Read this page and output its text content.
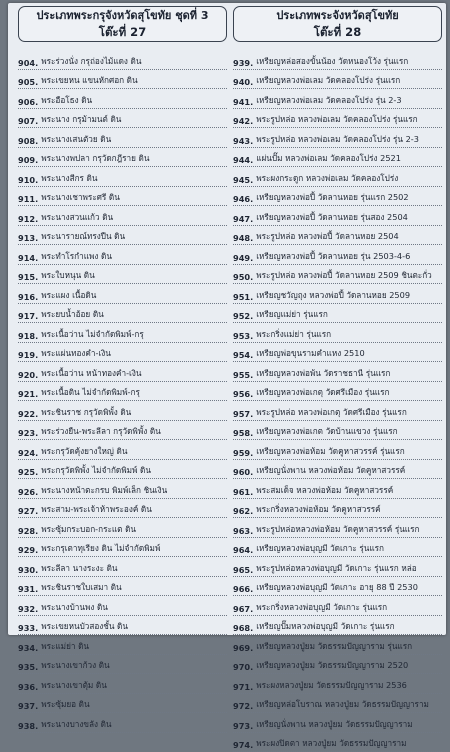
ประเภทพระกรุจังหวัดสุโขทัย ชุดที่ 3
โต๊ะที่ 27
904. พระร่วงนั่ง กรุถ่องไม้แดง ดิน
905. พระเขยหน แขนหักศอก ดิน
906. พระอือโธง ดิน
907. พระนาง กรุม้ามนต์ ดิน
908. พระนางเสนตัวย ดิน
909. พระนางพปลา กรุวัดกฎีราย ดิน
910. พระนางสีกร ดิน
911. พระนางเชาพระศรี ดิน
912. พระนางสวนแก้ว ดิน
913. พระนารายณ์ทรงปืน ดิน
914. พระทำโรกำแพง ดิน
915. พระใบหนุน ดิน
916. พระแผง เนื้อดิน
917. พระยบน้ำอ้อย ดิน
918. พระเนื้อว่าน ไม่จำกัดพิมพ์-กรุ
919. พระแผ่นทองคำ-เงิน
920. พระเนื้อว่าน หน้าทองคำ-เงิน
921. พระเนื้อดิน ไม่จำกัดพิมพ์-กรุ
922. พระชินราช กรุวัดพิพั้ง ดิน
923. พระร่วงยืน-พระลีลา กรุวัดพิพั้ง ดิน
924. พระกรุวัดคุ้งยางใหญ่ ดิน
925. พระกรุวัดพิพั้ง ไม่จำกัดพิมพ์ ดิน
926. พระนางหน้าตะกรบ พิมพ์เล็ก ชินเงิน
927. พระสาม-พระเจ้าห้าพระองค์ ดิน
928. พระซุ้มกระบอก-กระแต ดิน
929. พระกรุเตาทุเรียง ดิน ไม่จำกัดพิมพ์
930. พระลีลา นางระงะ ดิน
931. พระชินราชใบเสมา ดิน
932. พระนางบ้านพง ดิน
933. พระเขยหนบัวสองชั้น ดิน
934. พระแม่ย่า ดิน
935. พระนางเขาก้วง ดิน
936. พระนางเขาตุ้ม ดิน
937. พระซุ้มยอ ดิน
938. พระนางบางขลัง ดิน
ประเภทพระจังหวัดสุโขทัย
โต๊ะที่ 28
939. เหรียญหล่อสองขั้นน้อง วัดหนองโว้ง รุ่นแรก
940. เหรียญหลวงพ่อเลม วัดคลองโปร่ง รุ่นแรก
941. เหรียญหลวงพ่อเลม วัดคลองโปร่ง รุ่น 2-3
942. พระรูปหล่อ หลวงพ่อเลม วัดคลองโปร่ง รุ่นแรก
943. พระรูปหล่อ หลวงพ่อเลม วัดคลองโปร่ง รุ่น 2-3
944. แผ่นปั๊ม หลวงพ่อเลม วัดคลองโปร่ง 2521
945. พระผงกระดูก หลวงพ่อเลม วัดคลองโปร่ง
946. เหรียญหลวงพ่อปี้ วัดลานหอย รุ่นแรก 2502
947. เหรียญหลวงพ่อปี้ วัดลานหอย รุ่นสอง 2504
948. พระรูปหล่อ หลวงพ่อปี้ วัดลานหอย 2504
949. เหรียญหลวงพ่อปี้ วัดลานหอย รุ่น 2503-4-6
950. พระรูปหล่อ หลวงพ่อปี้ วัดลานหอย 2509 ชินตะกั่ว
951. เหรียญชวัญถุง หลวงพ่อปี้ วัดลานหอย 2509
952. เหรียญแม่ย่า รุ่นแรก
953. พระกริ่งแม่ย่า รุ่นแรก
954. เหรียญพ่อขุนรามคำแหง 2510
955. เหรียญหลวงพ่อพ้น วัดราชธานี รุ่นแรก
956. เหรียญหลวงพ่อเกตุ วัดศรีเมือง รุ่นแรก
957. พระรูปหล่อ หลวงพ่อเกตุ วัดศรีเมือง รุ่นแรก
958. เหรียญหลวงพ่อเกต วัดบ้านแขวง รุ่นแรก
959. เหรียญหลวงพ่อห้อม วัดคูหาสวรรค์ รุ่นแรก
960. เหรียญนั่งพาน หลวงพ่อห้อม วัดคูหาสวรรค์
961. พระสมเด็จ หลวงพ่อห้อม วัดคูหาสวรรค์
962. พระกริ่งหลวงพ่อห้อม วัดคูหาสวรรค์
963. พระรูปหล่อหลวงพ่อห้อม วัดคูหาสวรรค์ รุ่นแรก
964. เหรียญหลวงพ่อบุญมี วัดเกาะ รุ่นแรก
965. พระรูปหล่อหลวงพ่อบุญมี วัดเกาะ รุ่นแรก หล่อ
966. เหรียญหลวงพ่อบุญมี วัดเกาะ อายุ 88 ปี 2530
967. พระกริ่งหลวงพ่อบุญมี วัดเกาะ รุ่นแรก
968. เหรียญปั๊มหลวงพ่อบุญมี วัดเกาะ รุ่นแรก
969. เหรียญหลวงปู่ยม วัดธรรมปัญญาราม รุ่นแรก
970. เหรียญหลวงปู่ยม วัดธรรมปัญญาราม 2520
971. พระผงหลวงปู่ยม วัดธรรมปัญญาราม 2536
972. เหรียญหล่อโบราณ หลวงปู่ยม วัดธรรมปัญญาราม
973. เหรียญนั่งพาน หลวงปู่ยม วัดธรรมปัญญาราม
974. พระผงปิดตา หลวงปู่ยม วัดธรรมปัญญาราม
